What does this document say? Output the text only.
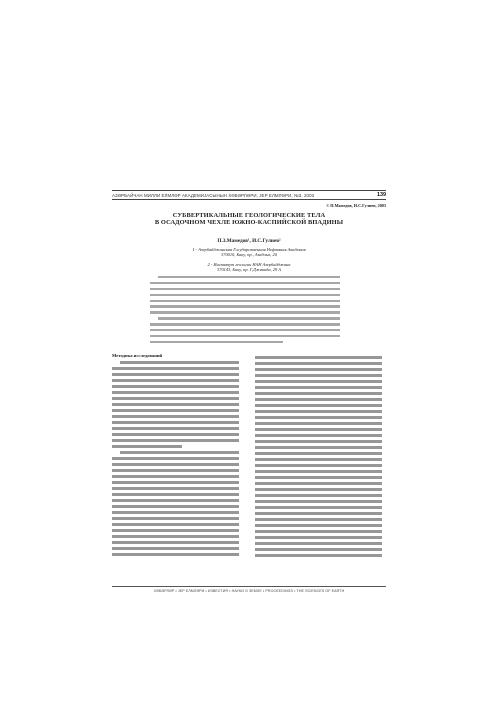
АЗƏРБАЙЧАН МИЛЛИ ЕЛМЛƏР АКАДЕМИЈАСЫНЫН ХƏБƏРЛƏРИ, ЈЕР ЕЛМЛƏРИ, №3, 2003	139
© П.Мамедов, И.С.Гулиев, 2003
СУБВЕРТИКАЛЬНЫЕ ГЕОЛОГИЧЕСКИЕ ТЕЛА
В ОСАДОЧНОМ ЧЕХЛЕ ЮЖНО-КАСПИЙСКОЙ ВПАДИНЫ
П.З.Мамедов¹, И.С.Гулиев²
1 - Азербайджанская Государственная Нефтяная Академия
370010, Баку, пр., Азадлыг, 20
2 - Институт геологии НАН Азербайджана
370143, Баку, пр. Г.Джавида, 29 А
Методика исследований
ХƏБƏРЛƏР • ЈЕР ЕЛМЛƏРИ • ИЗВЕСТИЯ • НАУКИ О ЗЕМЛЕ • PROCEEDINGS • THE SCIENCES OF EARTH
